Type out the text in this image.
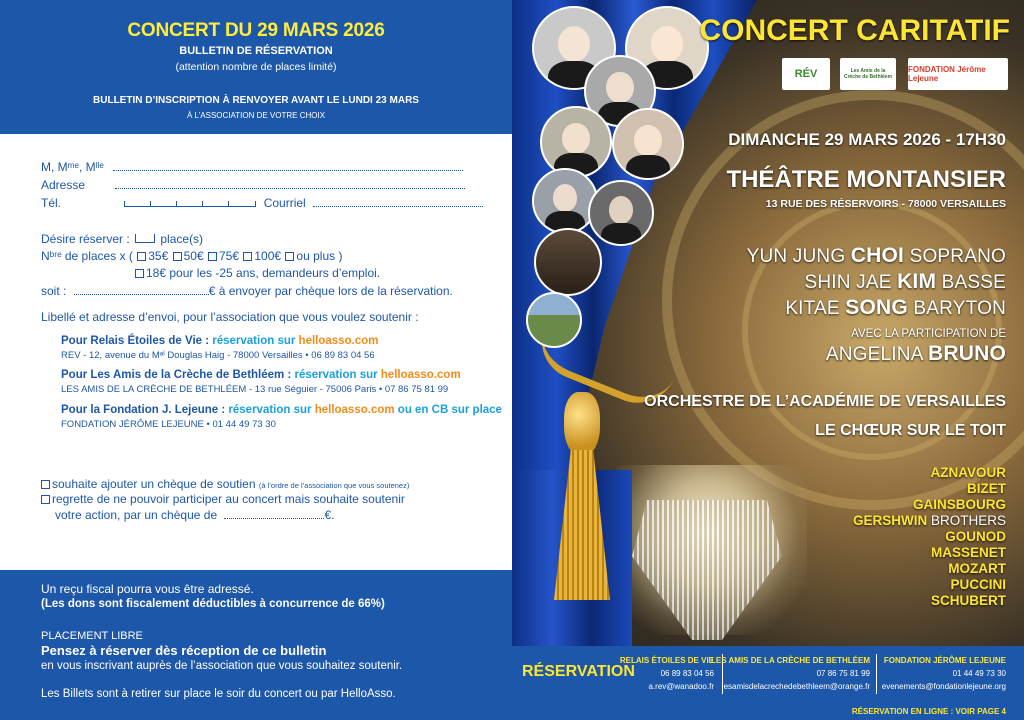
CONCERT DU 29 MARS 2026
BULLETIN DE RÉSERVATION
(attention nombre de places limité)
BULLETIN D’INSCRIPTION À RENVOYER AVANT LE LUNDI 23 MARS
À L’ASSOCIATION DE VOTRE CHOIX
M, Mᵐᵉ, Mˡˡᵉ
Adresse
Tél.	Courriel
Désire réserver :	place(s)
Nᵇʳᵉ de places x ( 35€ 50€ 75€ 100€ ou plus )
18€ pour les -25 ans, demandeurs d’emploi.
soit :	€ à envoyer par chèque lors de la réservation.
Libellé et adresse d’envoi, pour l’association que vous voulez soutenir :
Pour Relais Étoiles de Vie : réservation sur helloasso.com
REV - 12, avenue du Mᵃˡ Douglas Haig - 78000 Versailles • 06 89 83 04 56
Pour Les Amis de la Crèche de Bethléem : réservation sur helloasso.com
LES AMIS DE LA CRÈCHE DE BETHLÉEM - 13 rue Séguier - 75006 Paris • 07 86 75 81 99
Pour la Fondation J. Lejeune : réservation sur helloasso.com ou en CB sur place
FONDATION JÉRÔME LEJEUNE • 01 44 49 73 30
souhaite ajouter un chèque de soutien (à l’ordre de l’association que vous soutenez)
regrette de ne pouvoir participer au concert mais souhaite soutenir
votre action, par un chèque de	€.
Un reçu fiscal pourra vous être adressé.
(Les dons sont fiscalement déductibles à concurrence de 66%)
PLACEMENT LIBRE
Pensez à réserver dès réception de ce bulletin
en vous inscrivant auprès de l’association que vous souhaitez soutenir.
Les Billets sont à retirer sur place le soir du concert ou par HelloAsso.
CONCERT CARITATIF
RÉV	Les Amis de la Crèche de Bethléem
FONDATION Jérôme Lejeune
DIMANCHE 29 MARS 2026 - 17H30
THÉÂTRE MONTANSIER
13 RUE DES RÉSERVOIRS - 78000 VERSAILLES
YUN JUNG CHOI SOPRANO
SHIN JAE KIM BASSE
KITAE SONG BARYTON
AVEC LA PARTICIPATION DE
ANGELINA BRUNO
ORCHESTRE DE L’ACADÉMIE DE VERSAILLES
LE CHŒUR SUR LE TOIT
AZNAVOUR
BIZET
GAINSBOURG
GERSHWIN BROTHERS
GOUNOD
MASSENET
MOZART
PUCCINI
SCHUBERT
RÉSERVATION
RELAIS ÉTOILES DE VIE
06 89 83 04 56
a.rev@wanadoo.fr
LES AMIS DE LA CRÈCHE DE BETHLÉEM
07 86 75 81 99
lesamisdelacrechedebethleem@orange.fr
FONDATION JÉRÔME LEJEUNE
01 44 49 73 30
evenements@fondationlejeune.org
RÉSERVATION EN LIGNE : VOIR PAGE 4
